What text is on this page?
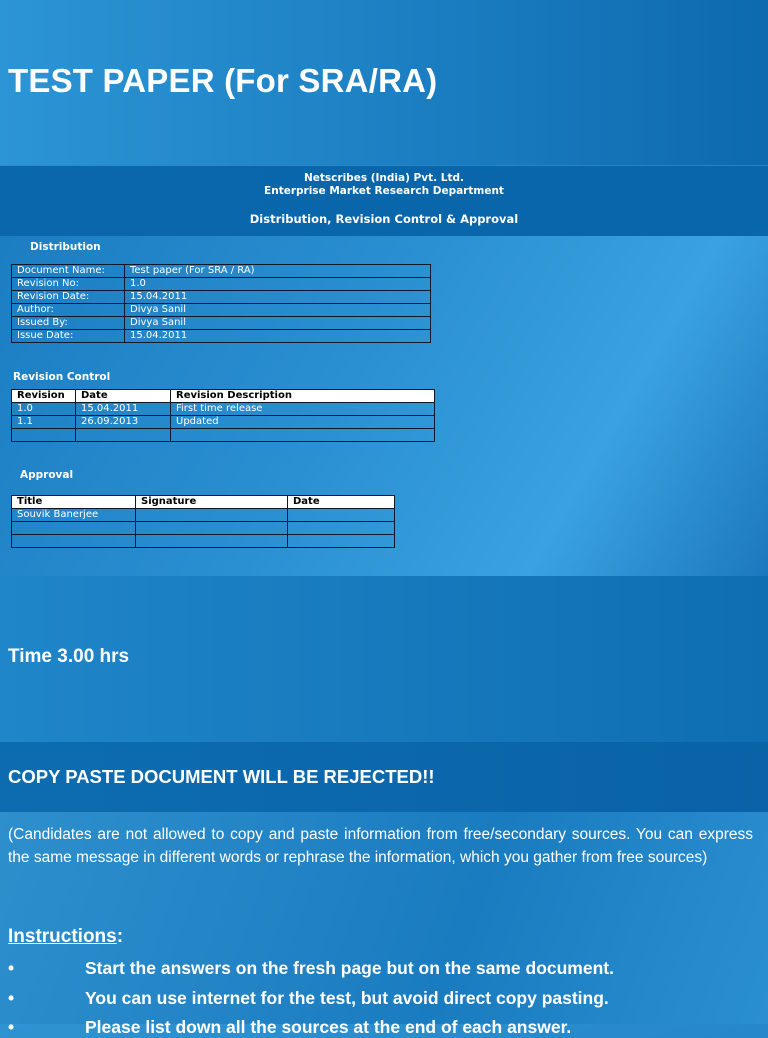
TEST PAPER (For SRA/RA)
Netscribes (India) Pvt. Ltd.
Enterprise Market Research Department
Distribution, Revision Control & Approval
Distribution
Document Name:	Test paper (For SRA / RA)
Revision No:	1.0
Revision Date:	15.04.2011
Author:	Divya Sanil
Issued By:	Divya Sanil
Issue Date:	15.04.2011
Revision Control
Revision	Date	Revision Description
1.0	15.04.2011	First time release
1.1	26.09.2013	Updated

Approval
Title	Signature	Date
Souvik Banerjee		

Time 3.00 hrs
COPY PASTE DOCUMENT WILL BE REJECTED!!
(Candidates are not allowed to copy and paste information from free/secondary sources. You can express the same message in different words or rephrase the information, which you gather from free sources)
Instructions:
•	Start the answers on the fresh page but on the same document.
•	You can use internet for the test, but avoid direct copy pasting.
•	Please list down all the sources at the end of each answer.
